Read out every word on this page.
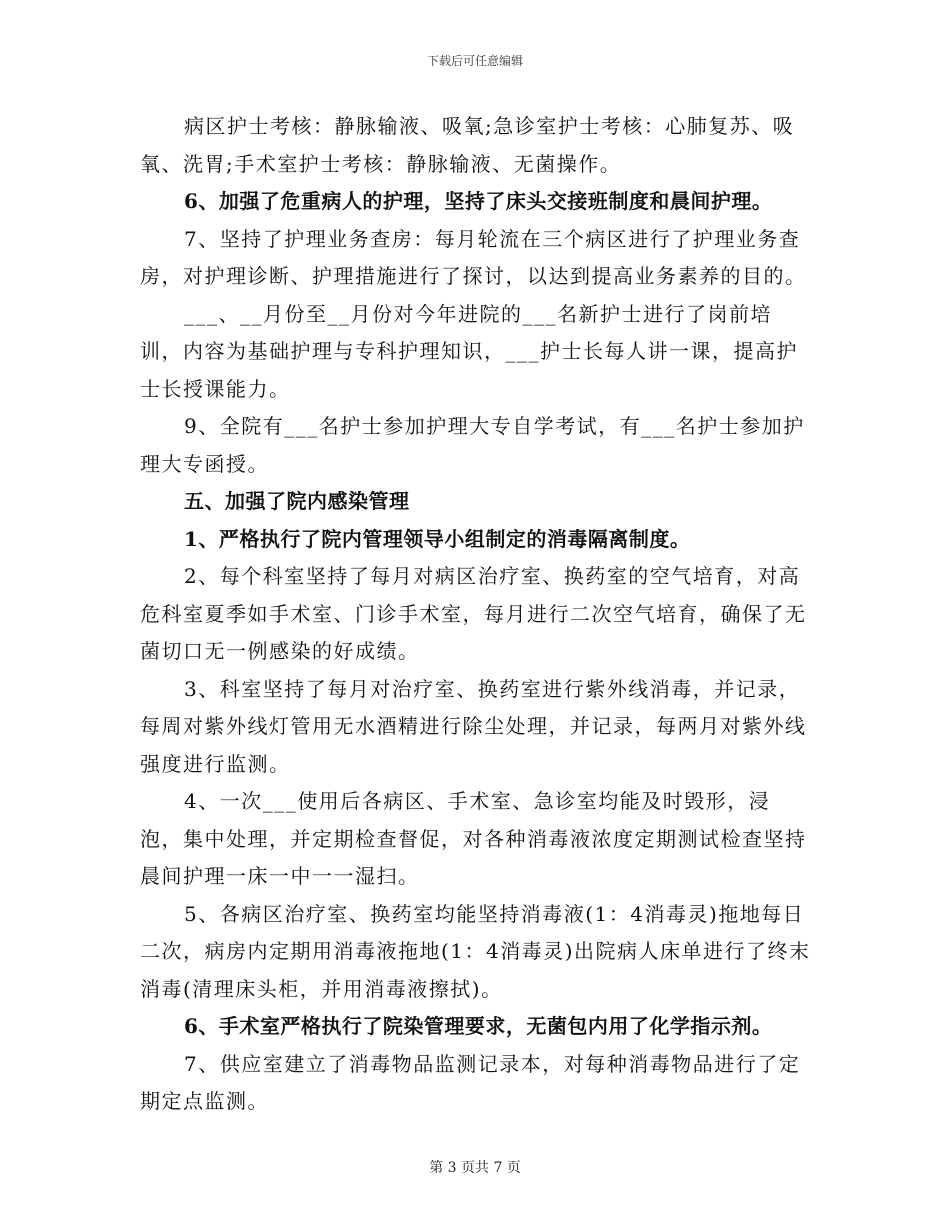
下载后可任意编辑

病区护士考核：静脉输液、吸氧;急诊室护士考核：心肺复苏、吸氧、洗胃;手术室护士考核：静脉输液、无菌操作。

6、加强了危重病人的护理，坚持了床头交接班制度和晨间护理。

7、坚持了护理业务查房：每月轮流在三个病区进行了护理业务查房，对护理诊断、护理措施进行了探讨，以达到提高业务素养的目的。

___、__月份至__月份对今年进院的___名新护士进行了岗前培训，内容为基础护理与专科护理知识，___护士长每人讲一课，提高护士长授课能力。

9、全院有___名护士参加护理大专自学考试，有___名护士参加护理大专函授。

五、加强了院内感染管理

1、严格执行了院内管理领导小组制定的消毒隔离制度。

2、每个科室坚持了每月对病区治疗室、换药室的空气培育，对高危科室夏季如手术室、门诊手术室，每月进行二次空气培育，确保了无菌切口无一例感染的好成绩。

3、科室坚持了每月对治疗室、换药室进行紫外线消毒，并记录，每周对紫外线灯管用无水酒精进行除尘处理，并记录，每两月对紫外线强度进行监测。

4、一次___使用后各病区、手术室、急诊室均能及时毁形，浸泡，集中处理，并定期检查督促，对各种消毒液浓度定期测试检查坚持晨间护理一床一中一一湿扫。

5、各病区治疗室、换药室均能坚持消毒液(1：4消毒灵)拖地每日二次，病房内定期用消毒液拖地(1：4消毒灵)出院病人床单进行了终末消毒(清理床头柜，并用消毒液擦拭)。

6、手术室严格执行了院染管理要求，无菌包内用了化学指示剂。

7、供应室建立了消毒物品监测记录本，对每种消毒物品进行了定期定点监测。

第 3 页共 7 页
